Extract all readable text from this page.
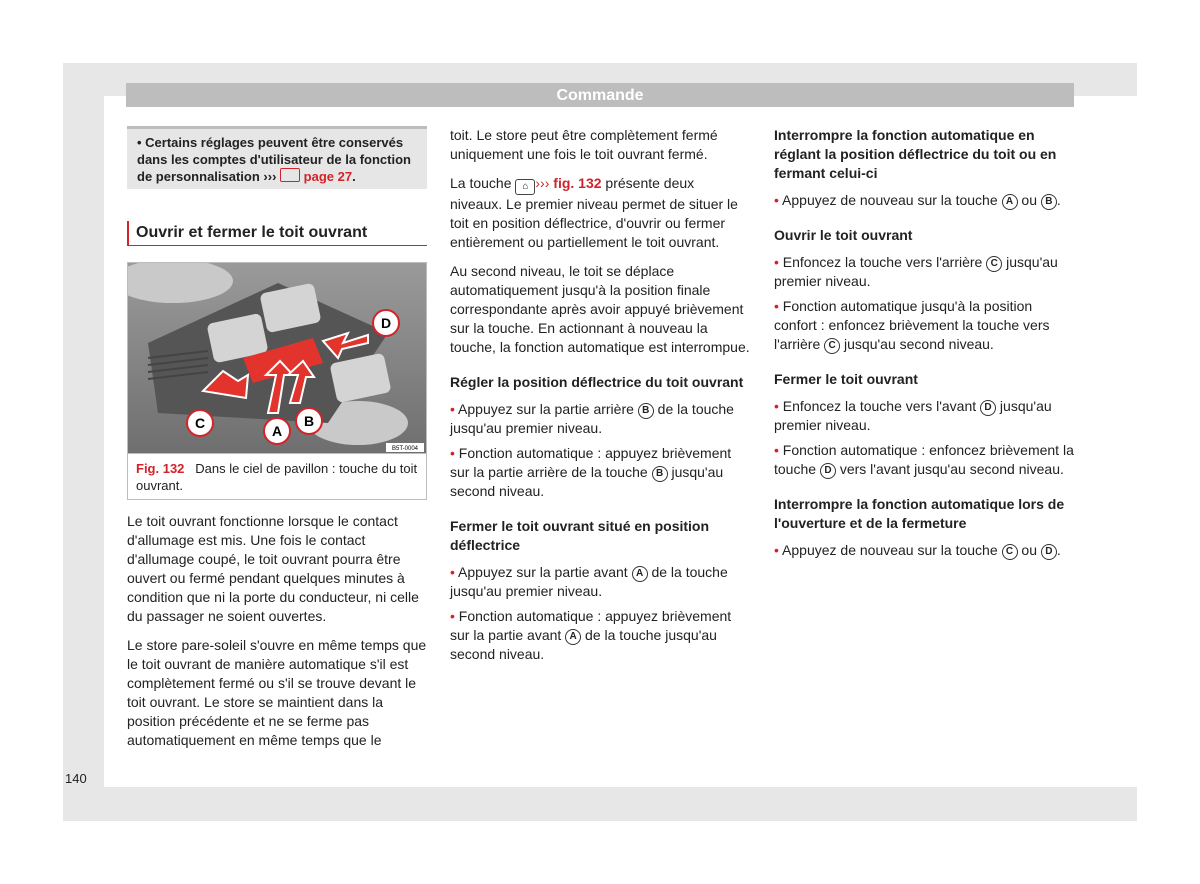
Commande
• Certains réglages peuvent être conservés dans les comptes d'utilisateur de la fonction de personnalisation ››› page 27.
Ouvrir et fermer le toit ouvrant
C	A
B
D
B5T-0004
Fig. 132 Dans le ciel de pavillon : touche du toit ouvrant.

Le toit ouvrant fonctionne lorsque le contact d'allumage est mis. Une fois le contact d'allumage coupé, le toit ouvrant pourra être ouvert ou fermé pendant quelques minutes à condition que ni la porte du conducteur, ni celle du passager ne soient ouvertes.

Le store pare-soleil s'ouvre en même temps que le toit ouvrant de manière automatique s'il est complètement fermé ou s'il se trouve devant le toit ouvrant. Le store se maintient dans la position précédente et ne se ferme pas automatiquement en même temps que le

toit. Le store peut être complètement fermé uniquement une fois le toit ouvrant fermé.

La touche ⌂ ››› fig. 132 présente deux niveaux. Le premier niveau permet de situer le toit en position déflectrice, d'ouvrir ou fermer entièrement ou partiellement le toit ouvrant.

Au second niveau, le toit se déplace automatiquement jusqu'à la position finale correspondante après avoir appuyé brièvement sur la touche. En actionnant à nouveau la touche, la fonction automatique est interrompue.

Régler la position déflectrice du toit ouvrant

• Appuyez sur la partie arrière B de la touche jusqu'au premier niveau.

• Fonction automatique : appuyez brièvement sur la partie arrière de la touche B jusqu'au second niveau.

Fermer le toit ouvrant situé en position déflectrice

• Appuyez sur la partie avant A de la touche jusqu'au premier niveau.

• Fonction automatique : appuyez brièvement sur la partie avant A de la touche jusqu'au second niveau.

Interrompre la fonction automatique en réglant la position déflectrice du toit ou en fermant celui-ci

• Appuyez de nouveau sur la touche A ou B .

Ouvrir le toit ouvrant

• Enfoncez la touche vers l'arrière C jusqu'au premier niveau.

• Fonction automatique jusqu'à la position confort : enfoncez brièvement la touche vers l'arrière C jusqu'au second niveau.

Fermer le toit ouvrant

• Enfoncez la touche vers l'avant D jusqu'au premier niveau.

• Fonction automatique : enfoncez brièvement la touche D vers l'avant jusqu'au second niveau.

Interrompre la fonction automatique lors de l'ouverture et de la fermeture

• Appuyez de nouveau sur la touche C ou D .

140
